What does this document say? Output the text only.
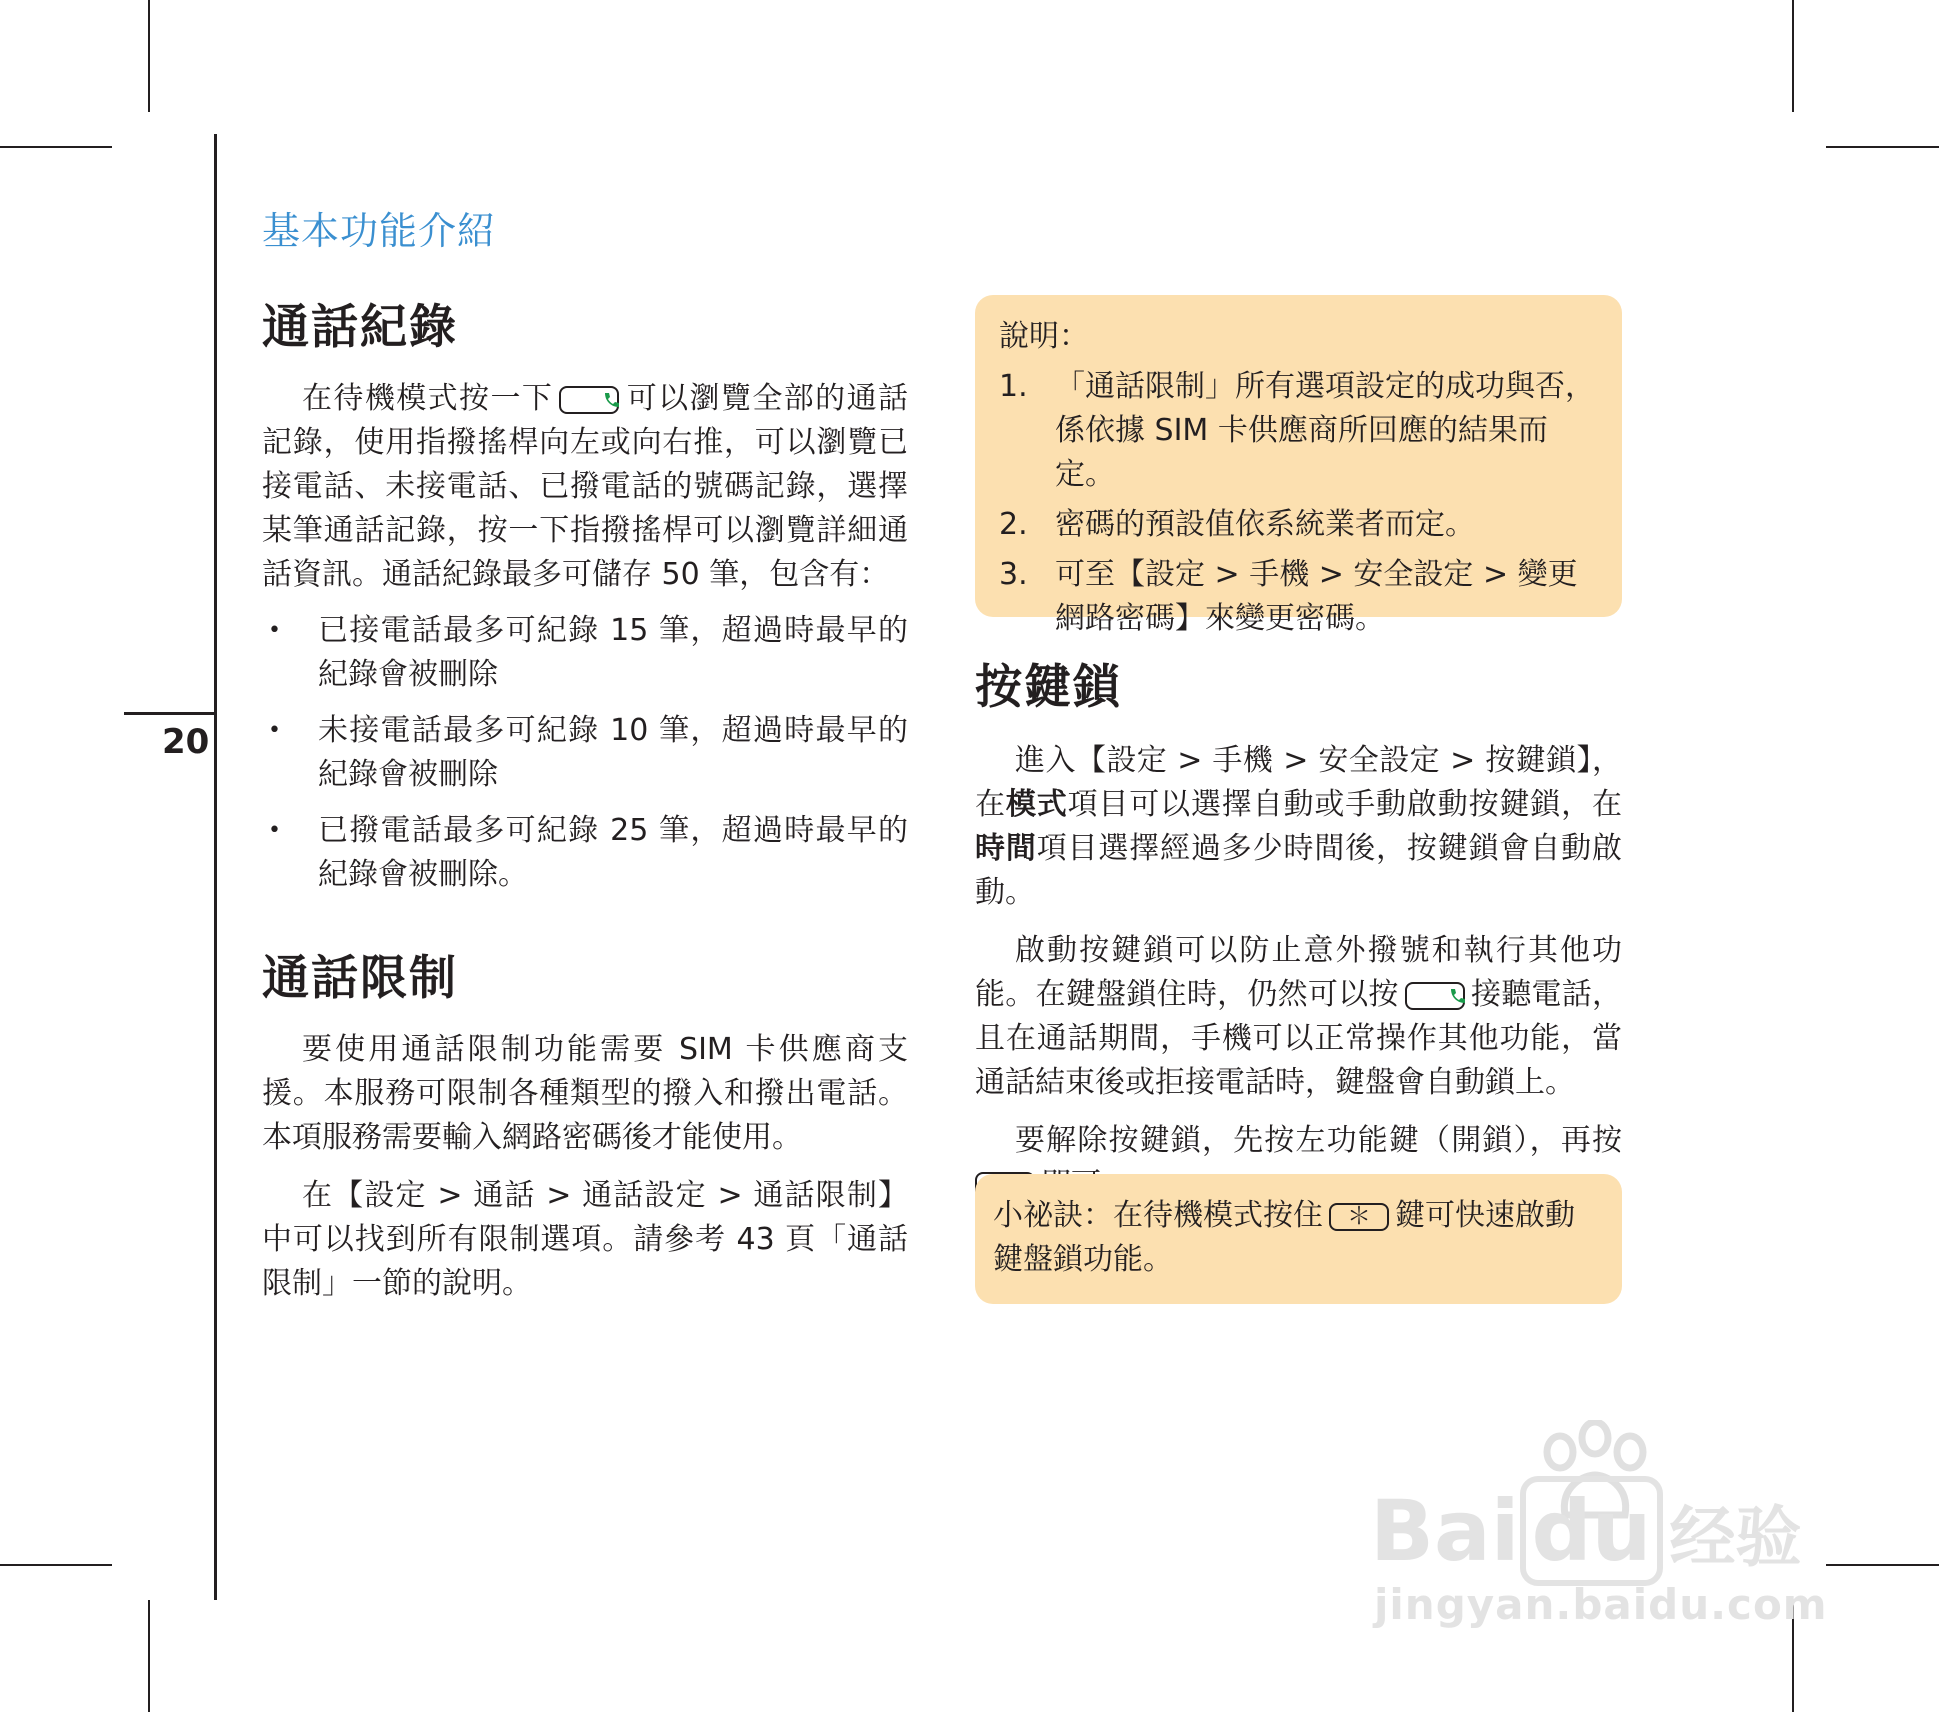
20
基本功能介紹
通話紀錄
在待機模式按一下 可以瀏覽全部的通話記錄，使用指撥搖桿向左或向右推，可以瀏覽已接電話、未接電話、已撥電話的號碼記錄，選擇某筆通話記錄，按一下指撥搖桿可以瀏覽詳細通話資訊。通話紀錄最多可儲存 50 筆，包含有：
• 已接電話最多可紀錄 15 筆，超過時最早的紀錄會被刪除
• 未接電話最多可紀錄 10 筆，超過時最早的紀錄會被刪除
• 已撥電話最多可紀錄 25 筆，超過時最早的紀錄會被刪除。
通話限制
要使用通話限制功能需要 SIM 卡供應商支援。本服務可限制各種類型的撥入和撥出電話。本項服務需要輸入網路密碼後才能使用。
在【設定 > 通話 > 通話設定 > 通話限制】中可以找到所有限制選項。請參考 43 頁「通話限制」一節的說明。
說明：
1. 「通話限制」所有選項設定的成功與否，係依據 SIM 卡供應商所回應的結果而定。
2. 密碼的預設值依系統業者而定。
3. 可至【設定 > 手機 > 安全設定 > 變更網路密碼】來變更密碼。
按鍵鎖
進入【設定 > 手機 > 安全設定 > 按鍵鎖】，在模式項目可以選擇自動或手動啟動按鍵鎖，在時間項目選擇經過多少時間後，按鍵鎖會自動啟動。
啟動按鍵鎖可以防止意外撥號和執行其他功能。在鍵盤鎖住時，仍然可以按 接聽電話，且在通話期間，手機可以正常操作其他功能，當通話結束後或拒接電話時，鍵盤會自動鎖上。
要解除按鍵鎖，先按左功能鍵（開鎖），再按
小祕訣：在待機模式按住 ＊ 鍵可快速啟動鍵盤鎖功能。
Bai du 经验
jingyan.baidu.com
